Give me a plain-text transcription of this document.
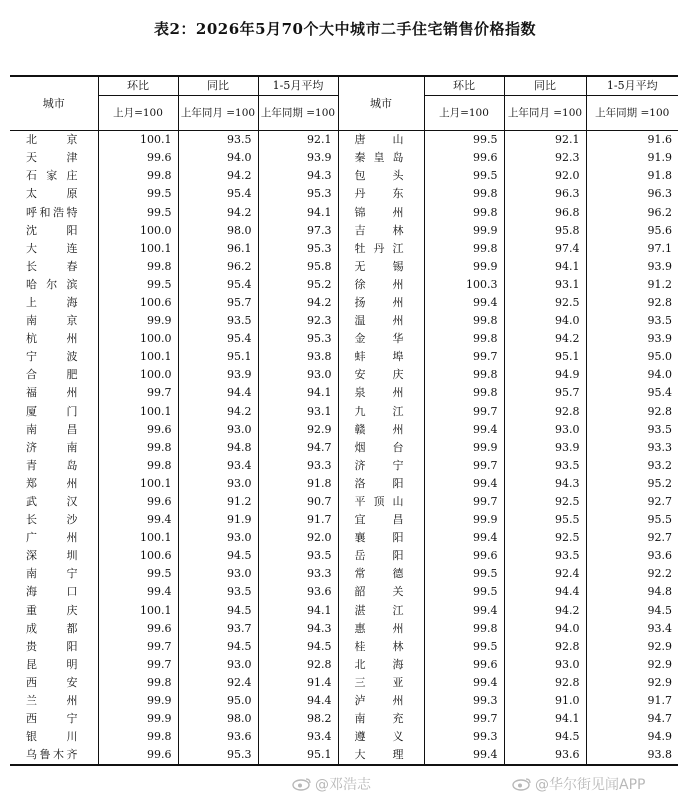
表2：2026年5月70个大中城市二手住宅销售价格指数
城市	环比	同比	1-5月平均	城市	环比	同比	1-5月平均
	上月=100	上年同月 =100	上年同期 =100		上月=100	上年同月 =100	上年同期 =100
北京	100.1	93.5	92.1	唐山	99.5	92.1	91.6
天津	99.6	94.0	93.9	秦皇岛	99.6	92.3	91.9
石家庄	99.8	94.2	94.3	包头	99.5	92.0	91.8
太原	99.5	95.4	95.3	丹东	99.8	96.3	96.3
呼和浩特	99.5	94.2	94.1	锦州	99.8	96.8	96.2
沈阳	100.0	98.0	97.3	吉林	99.9	95.8	95.6
大连	100.1	96.1	95.3	牡丹江	99.8	97.4	97.1
长春	99.8	96.2	95.8	无锡	99.9	94.1	93.9
哈尔滨	99.5	95.4	95.2	徐州	100.3	93.1	91.2
上海	100.6	95.7	94.2	扬州	99.4	92.5	92.8
南京	99.9	93.5	92.3	温州	99.8	94.0	93.5
杭州	100.0	95.4	95.3	金华	99.8	94.2	93.9
宁波	100.1	95.1	93.8	蚌埠	99.7	95.1	95.0
合肥	100.0	93.9	93.0	安庆	99.8	94.9	94.0
福州	99.7	94.4	94.1	泉州	99.8	95.7	95.4
厦门	100.1	94.2	93.1	九江	99.7	92.8	92.8
南昌	99.6	93.0	92.9	赣州	99.4	93.0	93.5
济南	99.8	94.8	94.7	烟台	99.9	93.9	93.3
青岛	99.8	93.4	93.3	济宁	99.7	93.5	93.2
郑州	100.1	93.0	91.8	洛阳	99.4	94.3	95.2
武汉	99.6	91.2	90.7	平顶山	99.7	92.5	92.7
长沙	99.4	91.9	91.7	宜昌	99.9	95.5	95.5
广州	100.1	93.0	92.0	襄阳	99.4	92.5	92.7
深圳	100.6	94.5	93.5	岳阳	99.6	93.5	93.6
南宁	99.5	93.0	93.3	常德	99.5	92.4	92.2
海口	99.4	93.5	93.6	韶关	99.5	94.4	94.8
重庆	100.1	94.5	94.1	湛江	99.4	94.2	94.5
成都	99.6	93.7	94.3	惠州	99.8	94.0	93.4
贵阳	99.7	94.5	94.5	桂林	99.5	92.8	92.9
昆明	99.7	93.0	92.8	北海	99.6	93.0	92.9
西安	99.8	92.4	91.4	三亚	99.4	92.8	92.9
兰州	99.9	95.0	94.4	泸州	99.3	91.0	91.7
西宁	99.9	98.0	98.2	南充	99.7	94.1	94.7
银川	99.8	93.6	93.4	遵义	99.3	94.5	94.9
乌鲁木齐	99.6	95.3	95.1	大理	99.4	93.6	93.8
@邓浩志	@华尔街见闻APP
